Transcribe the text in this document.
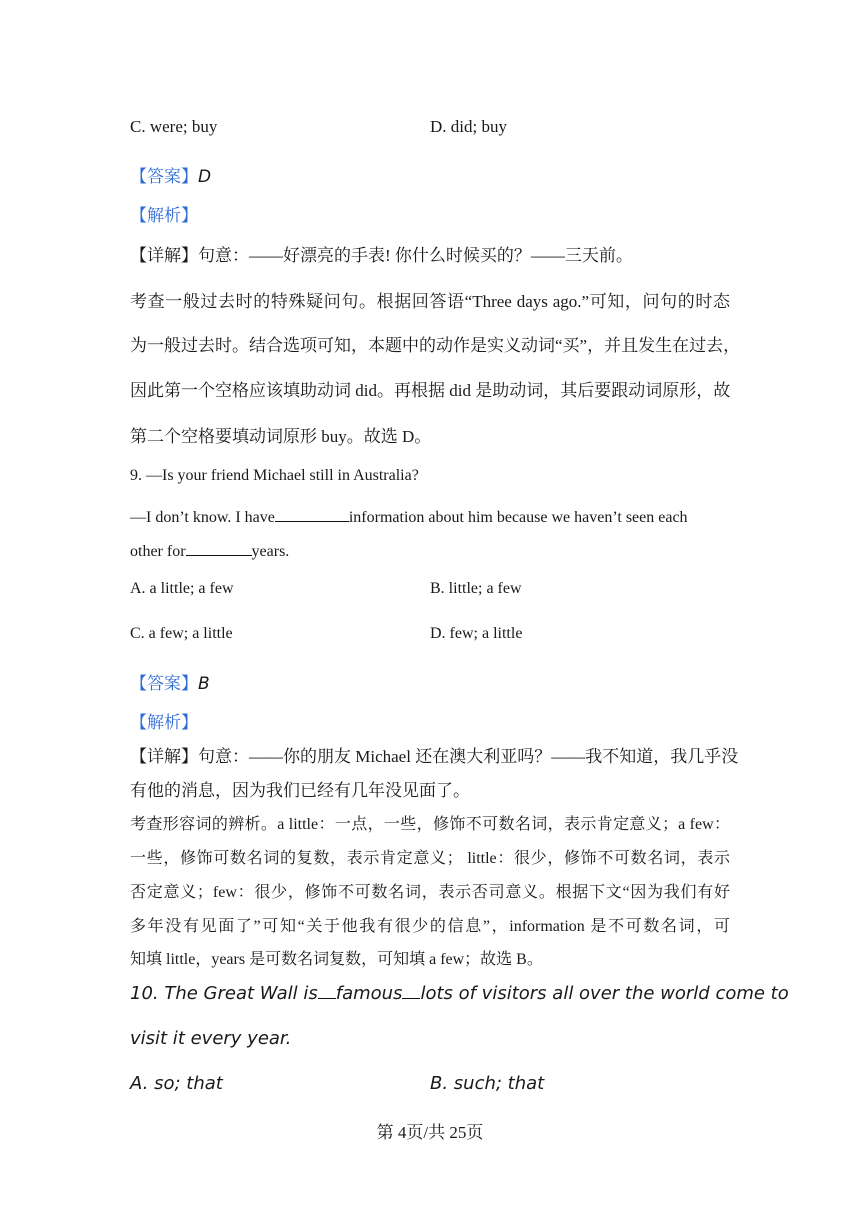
C. were; buy	D. did; buy
【答案】D
【解析】
【详解】句意：——好漂亮的手表! 你什么时候买的？——三天前。
考查一般过去时的特殊疑问句。根据回答语“Three days ago.”可知，问句的时态
为一般过去时。结合选项可知，本题中的动作是实义动词“买”，并且发生在过去，
因此第一个空格应该填助动词 did。再根据 did 是助动词，其后要跟动词原形，故
第二个空格要填动词原形 buy。故选 D。
9. —Is your friend Michael still in Australia?
—I don’t know. I have	information about him because we haven’t seen each
other for	years.
A. a little; a few	B. little; a few
C. a few; a little	D. few; a little
【答案】B
【解析】
【详解】句意：——你的朋友 Michael 还在澳大利亚吗？——我不知道，我几乎没
有他的消息，因为我们已经有几年没见面了。
考查形容词的辨析。a little：一点，一些，修饰不可数名词，表示肯定意义；a few：
一些，修饰可数名词的复数，表示肯定意义； little：很少，修饰不可数名词，表示
否定意义；few：很少，修饰不可数名词，表示否司意义。根据下文“因为我们有好
多年没有见面了”可知“关于他我有很少的信息”，information 是不可数名词，可
知填 little，years 是可数名词复数，可知填 a few；故选 B。
10. The Great Wall is famous lots of visitors all over the world come to
visit it every year.
A. so; that	B. such; that
第 4页/共 25页
